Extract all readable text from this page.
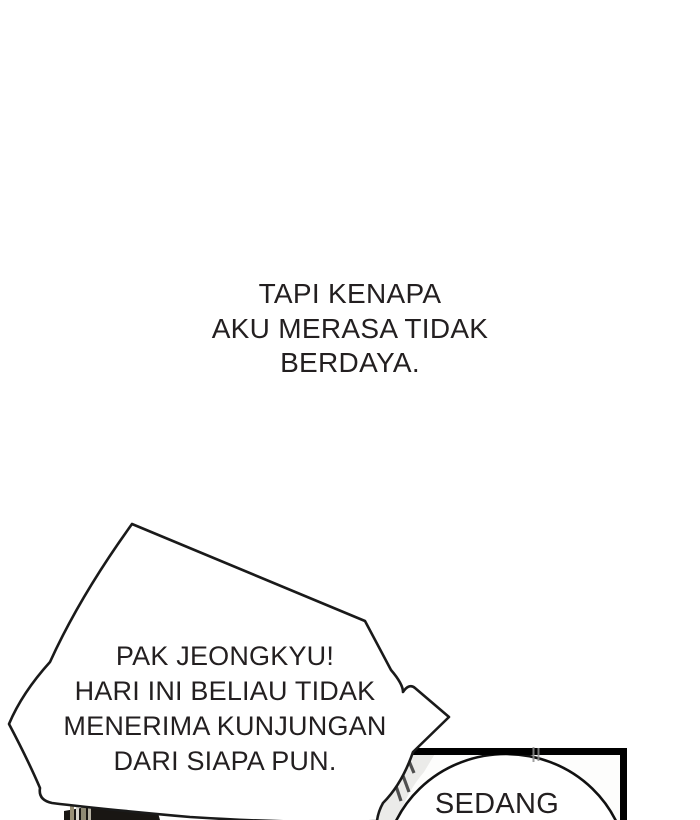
TAPI KENAPA
AKU MERASA TIDAK
BERDAYA.
PAK JEONGKYU!
HARI INI BELIAU TIDAK
MENERIMA KUNJUNGAN
DARI SIAPA PUN.
SEDANG
